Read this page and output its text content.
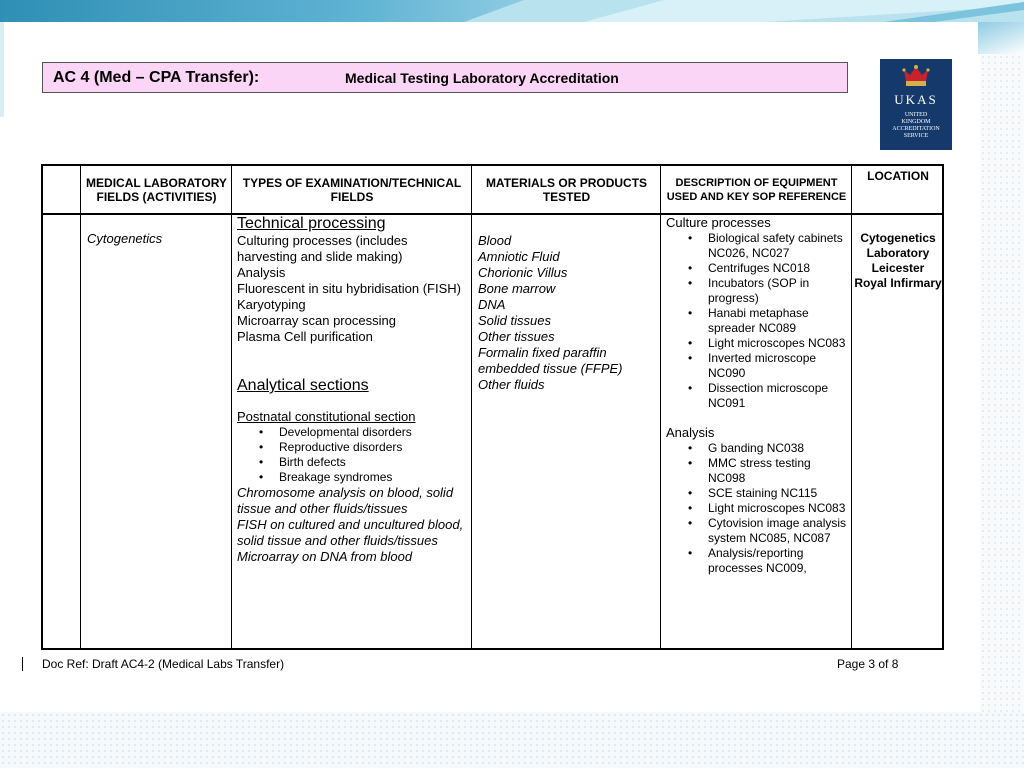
AC 4 (Med – CPA Transfer):	Medical Testing Laboratory Accreditation
UKAS
UNITED
KINGDOM
ACCREDITATION
SERVICE
MEDICAL LABORATORY FIELDS (ACTIVITIES)
TYPES OF EXAMINATION/TECHNICAL FIELDS
MATERIALS OR PRODUCTS TESTED
DESCRIPTION OF EQUIPMENT USED AND KEY SOP REFERENCE
LOCATION
Cytogenetics
Technical processing
Culturing processes (includes harvesting and slide making)
Analysis
Fluorescent in situ hybridisation (FISH)
Karyotyping
Microarray scan processing
Plasma Cell purification
Analytical sections
Postnatal constitutional section
• Developmental disorders
• Reproductive disorders
• Birth defects
• Breakage syndromes
Chromosome analysis on blood, solid tissue and other fluids/tissues
FISH on cultured and uncultured blood, solid tissue and other fluids/tissues
Microarray on DNA from blood
Blood
Amniotic Fluid
Chorionic Villus
Bone marrow
DNA
Solid tissues
Other tissues
Formalin fixed paraffin embedded tissue (FFPE)
Other fluids
Culture processes
• Biological safety cabinets NC026, NC027
• Centrifuges NC018
• Incubators (SOP in progress)
• Hanabi metaphase spreader NC089
• Light microscopes NC083
• Inverted microscope NC090
• Dissection microscope NC091
Analysis
• G banding NC038
• MMC stress testing NC098
• SCE staining NC115
• Light microscopes NC083
• Cytovision image analysis system NC085, NC087
• Analysis/reporting processes NC009,
Cytogenetics Laboratory Leicester Royal Infirmary
Doc Ref: Draft AC4-2 (Medical Labs Transfer)	Page 3 of 8
